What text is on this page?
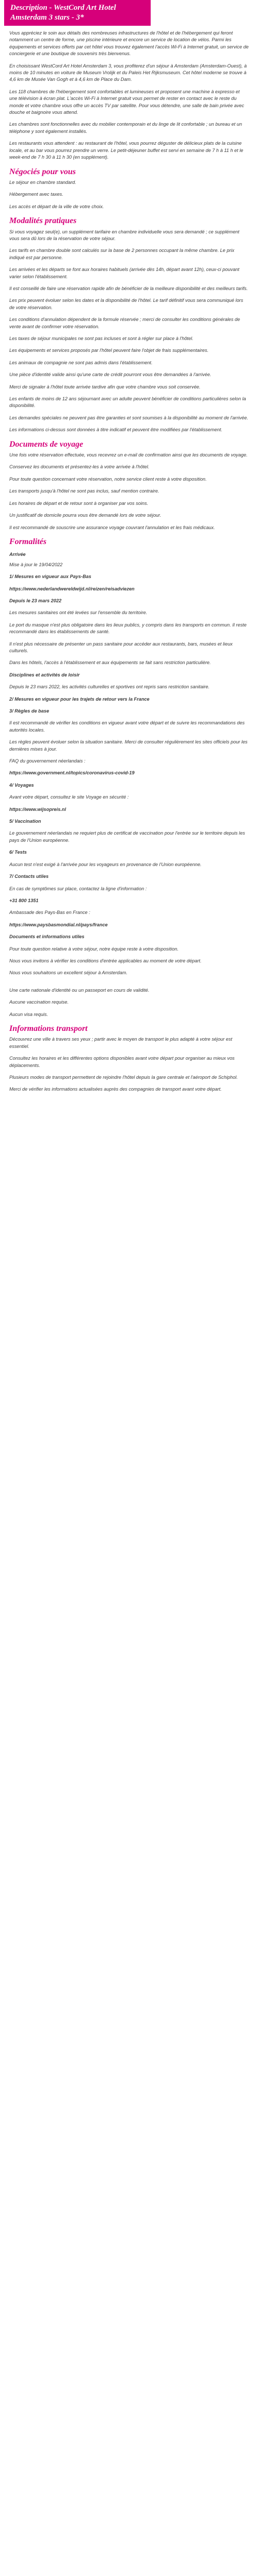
Description - WestCord Art Hotel
Amsterdam 3 stars - 3*

Vous appréciez le soin aux détails des nombreuses infrastructures de l'hôtel et de l'hébergement qui feront notamment un centre de forme, une piscine intérieure et encore un service de location de vélos. Parmi les équipements et services offerts par cet hôtel vous trouvez également l'accès Wi-Fi à Internet gratuit, un service de conciergerie et une boutique de souvenirs très bienvenus.

En choisissant WestCord Art Hotel Amsterdam 3, vous profiterez d'un séjour à Amsterdam (Amsterdam-Ouest), à moins de 10 minutes en voiture de Museum Vrolijk et du Paleis Het Rijksmuseum. Cet hôtel moderne se trouve à 4,6 km de Musée Van Gogh et à 4,6 km de Place du Dam.

Les 118 chambres de l'hébergement sont confortables et lumineuses et proposent une machine à expresso et une télévision à écran plat. L'accès Wi-Fi à Internet gratuit vous permet de rester en contact avec le reste du monde et votre chambre vous offre un accès TV par satellite. Pour vous détendre, une salle de bain privée avec douche et baignoire vous attend.

Les chambres sont fonctionnelles avec du mobilier contemporain et du linge de lit confortable ; un bureau et un téléphone y sont également installés.

Les restaurants vous attendent : au restaurant de l'hôtel, vous pourrez déguster de délicieux plats de la cuisine locale, et au bar vous pourrez prendre un verre. Le petit-déjeuner buffet est servi en semaine de 7 h à 11 h et le week-end de 7 h 30 à 11 h 30 (en supplément).

Négociés pour vous

Le séjour en chambre standard.

Hébergement avec taxes.

Les accès et départ de la ville de votre choix.

Modalités pratiques

Si vous voyagez seul(e), un supplément tarifaire en chambre individuelle vous sera demandé ; ce supplément vous sera dû lors de la réservation de votre séjour.

Les tarifs en chambre double sont calculés sur la base de 2 personnes occupant la même chambre. Le prix indiqué est par personne.

Les arrivées et les départs se font aux horaires habituels (arrivée dès 14h, départ avant 12h), ceux-ci pouvant varier selon l'établissement.

Il est conseillé de faire une réservation rapide afin de bénéficier de la meilleure disponibilité et des meilleurs tarifs.

Les prix peuvent évoluer selon les dates et la disponibilité de l'hôtel. Le tarif définitif vous sera communiqué lors de votre réservation.

Les conditions d'annulation dépendent de la formule réservée ; merci de consulter les conditions générales de vente avant de confirmer votre réservation.

Les taxes de séjour municipales ne sont pas incluses et sont à régler sur place à l'hôtel.

Les équipements et services proposés par l'hôtel peuvent faire l'objet de frais supplémentaires.

Les animaux de compagnie ne sont pas admis dans l'établissement.

Une pièce d'identité valide ainsi qu'une carte de crédit pourront vous être demandées à l'arrivée.

Merci de signaler à l'hôtel toute arrivée tardive afin que votre chambre vous soit conservée.

Les enfants de moins de 12 ans séjournant avec un adulte peuvent bénéficier de conditions particulières selon la disponibilité.

Les demandes spéciales ne peuvent pas être garanties et sont soumises à la disponibilité au moment de l'arrivée.

Les informations ci-dessus sont données à titre indicatif et peuvent être modifiées par l'établissement.

Documents de voyage

Une fois votre réservation effectuée, vous recevrez un e-mail de confirmation ainsi que les documents de voyage.

Conservez les documents et présentez-les à votre arrivée à l'hôtel.

Pour toute question concernant votre réservation, notre service client reste à votre disposition.

Les transports jusqu'à l'hôtel ne sont pas inclus, sauf mention contraire.

Les horaires de départ et de retour sont à organiser par vos soins.

Un justificatif de domicile pourra vous être demandé lors de votre séjour.

Il est recommandé de souscrire une assurance voyage couvrant l'annulation et les frais médicaux.

Formalités
Arrivée

Mise à jour le 19/04/2022

1/ Mesures en vigueur aux Pays-Bas

https://www.nederlandwereldwijd.nl/reizen/reisadviezen

Depuis le 23 mars 2022

Les mesures sanitaires ont été levées sur l'ensemble du territoire.

Le port du masque n'est plus obligatoire dans les lieux publics, y compris dans les transports en commun. Il reste recommandé dans les établissements de santé.

Il n'est plus nécessaire de présenter un pass sanitaire pour accéder aux restaurants, bars, musées et lieux culturels.

Dans les hôtels, l'accès à l'établissement et aux équipements se fait sans restriction particulière.

Disciplines et activités de loisir

Depuis le 23 mars 2022, les activités culturelles et sportives ont repris sans restriction sanitaire.

2/ Mesures en vigueur pour les trajets de retour vers la France

3/ Règles de base

Il est recommandé de vérifier les conditions en vigueur avant votre départ et de suivre les recommandations des autorités locales.

Les règles peuvent évoluer selon la situation sanitaire. Merci de consulter régulièrement les sites officiels pour les dernières mises à jour.

FAQ du gouvernement néerlandais :

https://www.government.nl/topics/coronavirus-covid-19

4/ Voyages

Avant votre départ, consultez le site Voyage en sécurité :

https://www.wijsopreis.nl

5/ Vaccination

Le gouvernement néerlandais ne requiert plus de certificat de vaccination pour l'entrée sur le territoire depuis les pays de l'Union européenne.

6/ Tests

Aucun test n'est exigé à l'arrivée pour les voyageurs en provenance de l'Union européenne.

7/ Contacts utiles

En cas de symptômes sur place, contactez la ligne d'information :

+31 800 1351

Ambassade des Pays-Bas en France :

https://www.paysbasmondial.nl/pays/france

Documents et informations utiles

Pour toute question relative à votre séjour, notre équipe reste à votre disposition.

Nous vous invitons à vérifier les conditions d'entrée applicables au moment de votre départ.

Nous vous souhaitons un excellent séjour à Amsterdam.

Une carte nationale d'identité ou un passeport en cours de validité.

Aucune vaccination requise.

Aucun visa requis.

Informations transport

Découvrez une ville à travers ses yeux ; partir avec le moyen de transport le plus adapté à votre séjour est essentiel.

Consultez les horaires et les différentes options disponibles avant votre départ pour organiser au mieux vos déplacements.

Plusieurs modes de transport permettent de rejoindre l'hôtel depuis la gare centrale et l'aéroport de Schiphol.

Merci de vérifier les informations actualisées auprès des compagnies de transport avant votre départ.
